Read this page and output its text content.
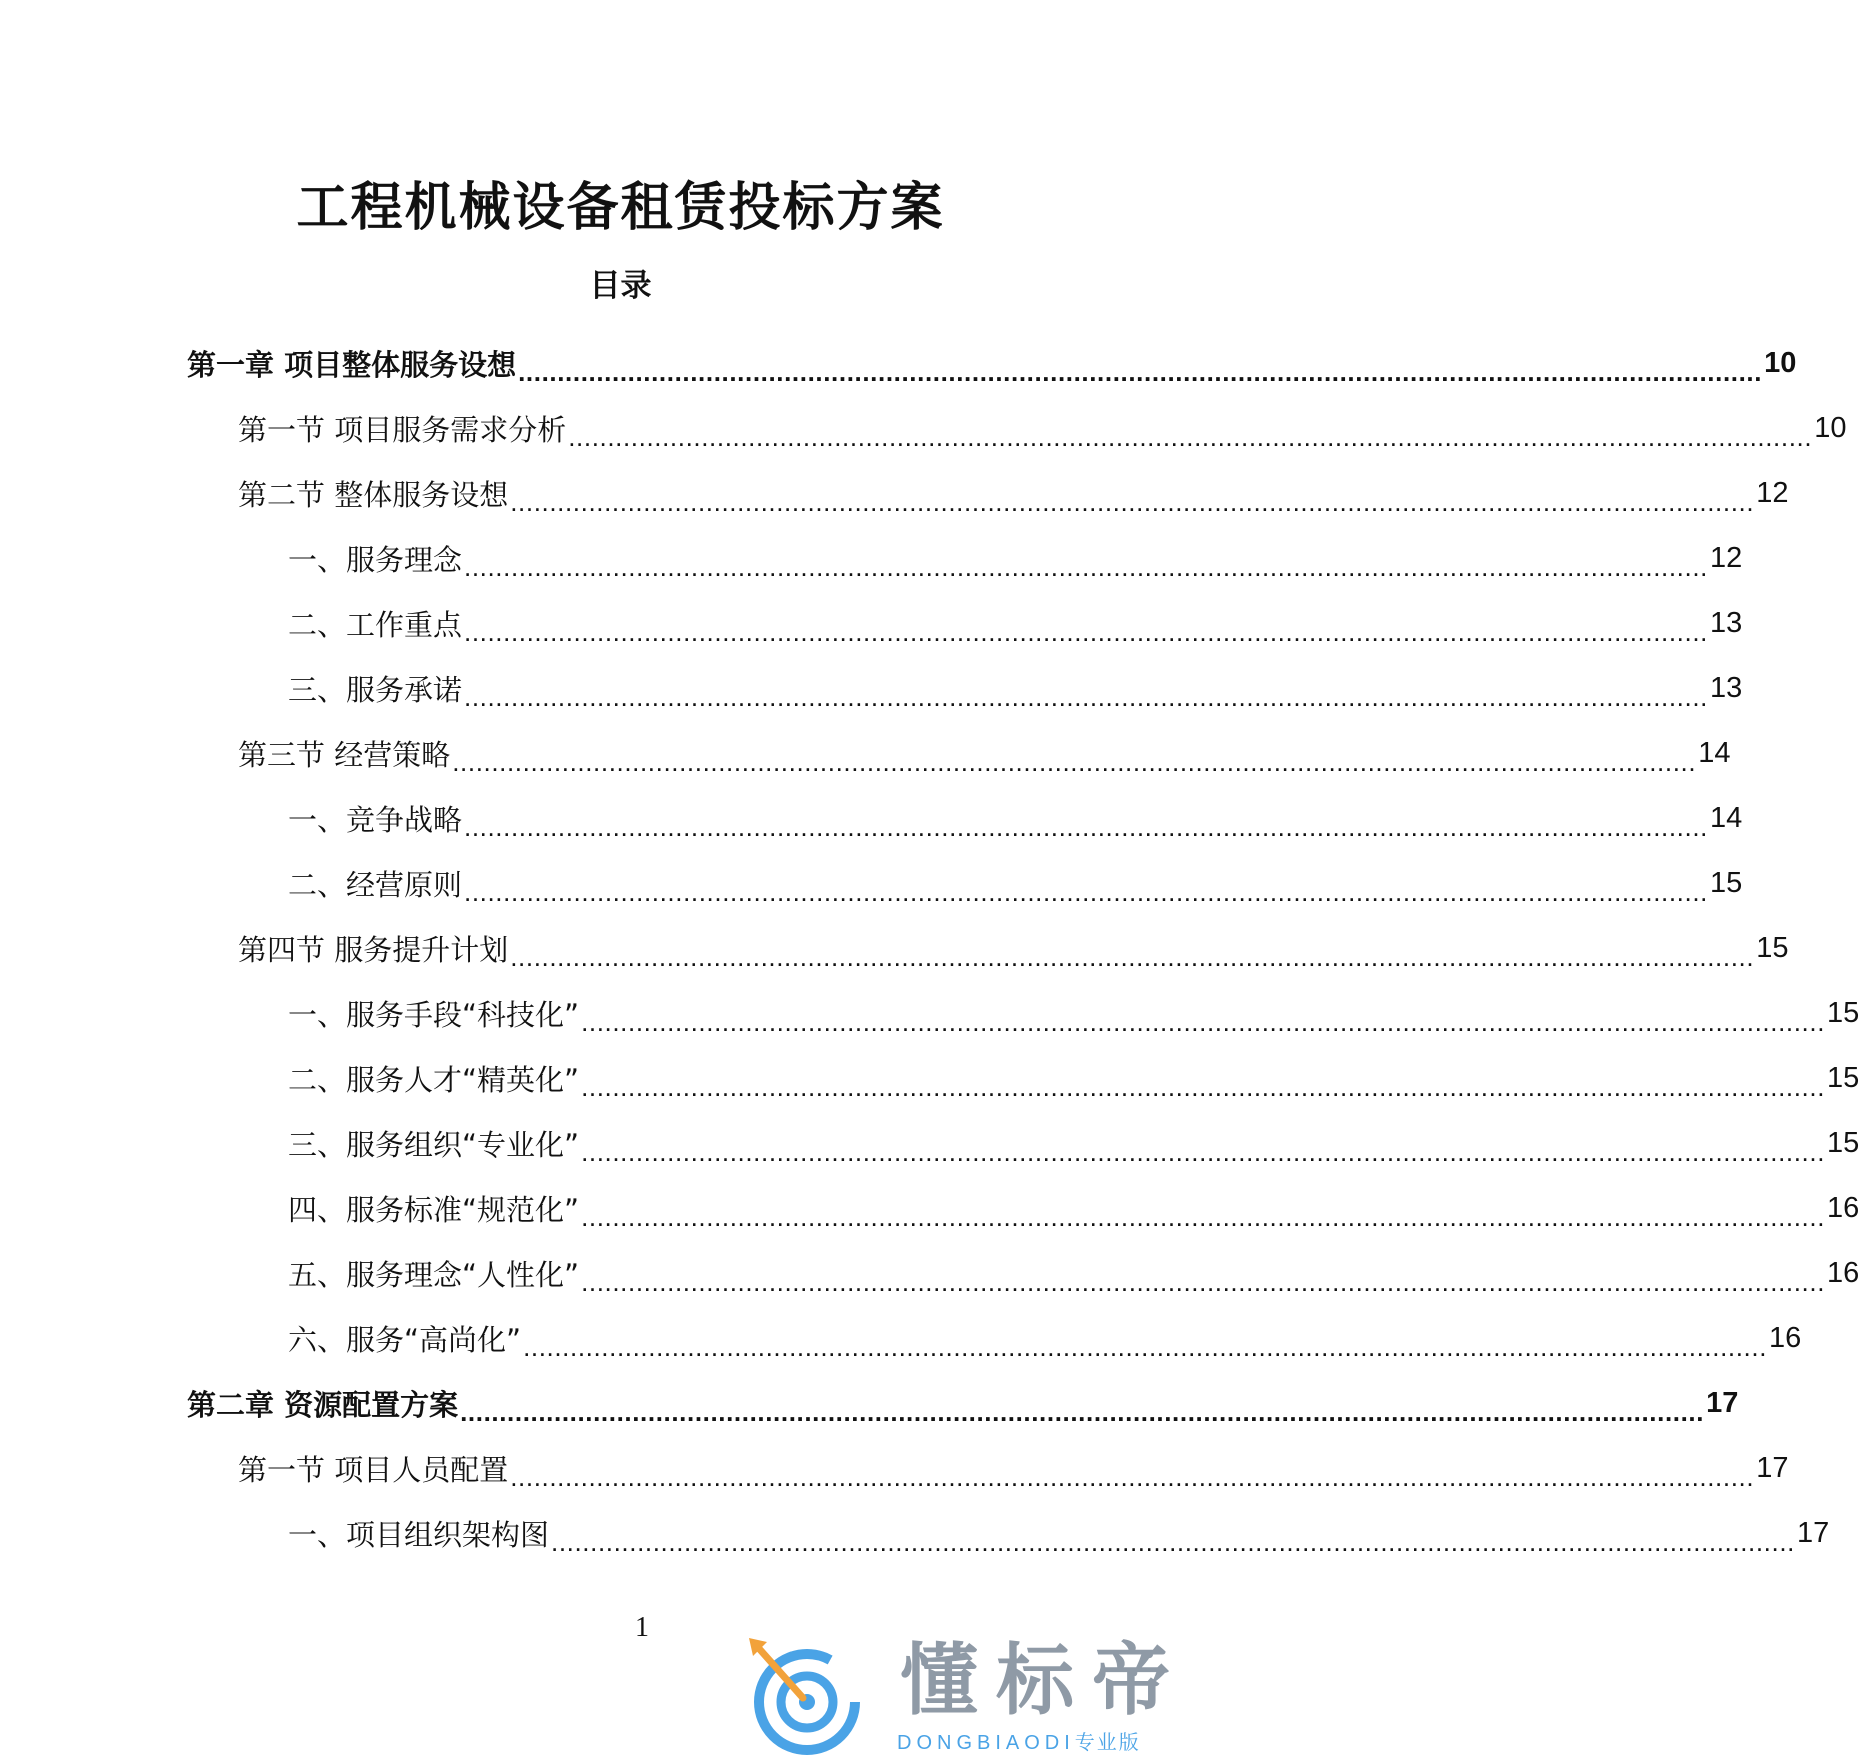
工程机械设备租赁投标方案
目录
第一章 项目整体服务设想 ............................................................................................................................................................... 10
第一节 项目服务需求分析 ............................................................................................................................................................... 10
第二节 整体服务设想 ............................................................................................................................................................... 12
一、服务理念 ............................................................................................................................................................... 12
二、工作重点 ............................................................................................................................................................... 13
三、服务承诺 ............................................................................................................................................................... 13
第三节 经营策略 ............................................................................................................................................................... 14
一、竞争战略 ............................................................................................................................................................... 14
二、经营原则 ............................................................................................................................................................... 15
第四节 服务提升计划 ............................................................................................................................................................... 15
一、服务手段“科技化” ............................................................................................................................................................... 15
二、服务人才“精英化” ............................................................................................................................................................... 15
三、服务组织“专业化” ............................................................................................................................................................... 15
四、服务标准“规范化” ............................................................................................................................................................... 16
五、服务理念“人性化” ............................................................................................................................................................... 16
六、服务“高尚化” ............................................................................................................................................................... 16
第二章 资源配置方案 ............................................................................................................................................................... 17
第一节 项目人员配置 ............................................................................................................................................................... 17
一、项目组织架构图 ............................................................................................................................................................... 17
1
懂标帝
DONGBIAODI专业版
